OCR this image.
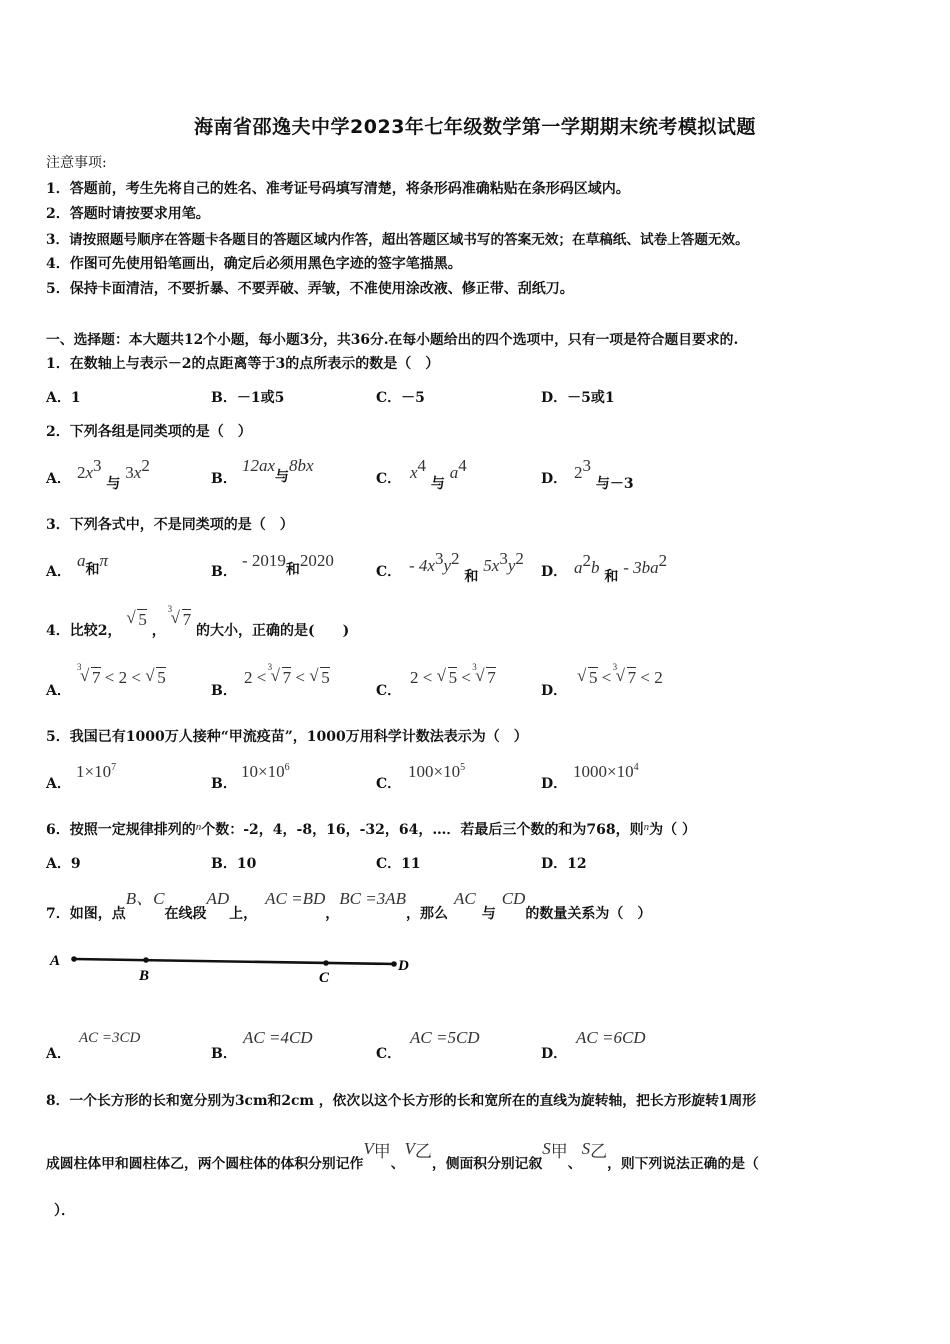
海南省邵逸夫中学2023年七年级数学第一学期期末统考模拟试题
注意事项:
1．答题前，考生先将自己的姓名、准考证号码填写清楚，将条形码准确粘贴在条形码区域内。
2．答题时请按要求用笔。
3．请按照题号顺序在答题卡各题目的答题区域内作答，超出答题区域书写的答案无效；在草稿纸、试卷上答题无效。
4．作图可先使用铅笔画出，确定后必须用黑色字迹的签字笔描黑。
5．保持卡面清洁，不要折暴、不要弄破、弄皱，不准使用涂改液、修正带、刮纸刀。
一、选择题：本大题共12个小题，每小题3分，共36分.在每小题给出的四个选项中，只有一项是符合题目要求的.
1．在数轴上与表示－2的点距离等于3的点所表示的数是（　）
A．1	B．－1或5	C．－5	D．－5或1
2．下列各组是同类项的是（　）
A． $2x^3$ 与 $3x^2$
B．
12ax与8bx
C． $x^4$ 与 $a^4$
D． $2^3$ 与－3
3．下列各式中，不是同类项的是（　）
A．
a和π
B．
- 2019和2020
C． - $4x^3y^2$ 和 $5x^3y^2$
D． $a^2b$ 和 - $3ba^2$
4．比较2，
√ 5 ，
3
√ 7 的大小，正确的是(　　)
A．
3
√ 7 < 2 < √ 5
B．
2 <
3
√ 7 < √ 5
C．
2 < √ 5 <
3
√ 7
D．
√ 5 <
3
√ 7 < 2
5．我国已有1000万人接种“甲流疫苗”，1000万用科学计数法表示为（　）
A．
$1\times 10^7$
B．
$10\times 10^6$
C．
$100\times 10^5$
D．
$1000\times 10^4$
6．按照一定规律排列的$^n$个数：-2，4，-8，16，-32，64，…．若最后三个数的和为768，则$^n$为（ ）
A．9	B．10	C．11	D．12
7．如图，点B、C在线段AD上，AC =BD，BC =3AB，那么AC与CD的数量关系为（　）
A
B	C
D
A．
AC =3CD
B．
AC =4CD
C．
AC =5CD
D．
AC =6CD
8．一个长方形的长和宽分别为3cm和2cm ，依次以这个长方形的长和宽所在的直线为旋转轴，把长方形旋转1周形
成圆柱体甲和圆柱体乙，两个圆柱体的体积分别记作$V_甲$、$V_乙$，侧面积分别记叙$S_甲$、$S_乙$，则下列说法正确的是（
）．
